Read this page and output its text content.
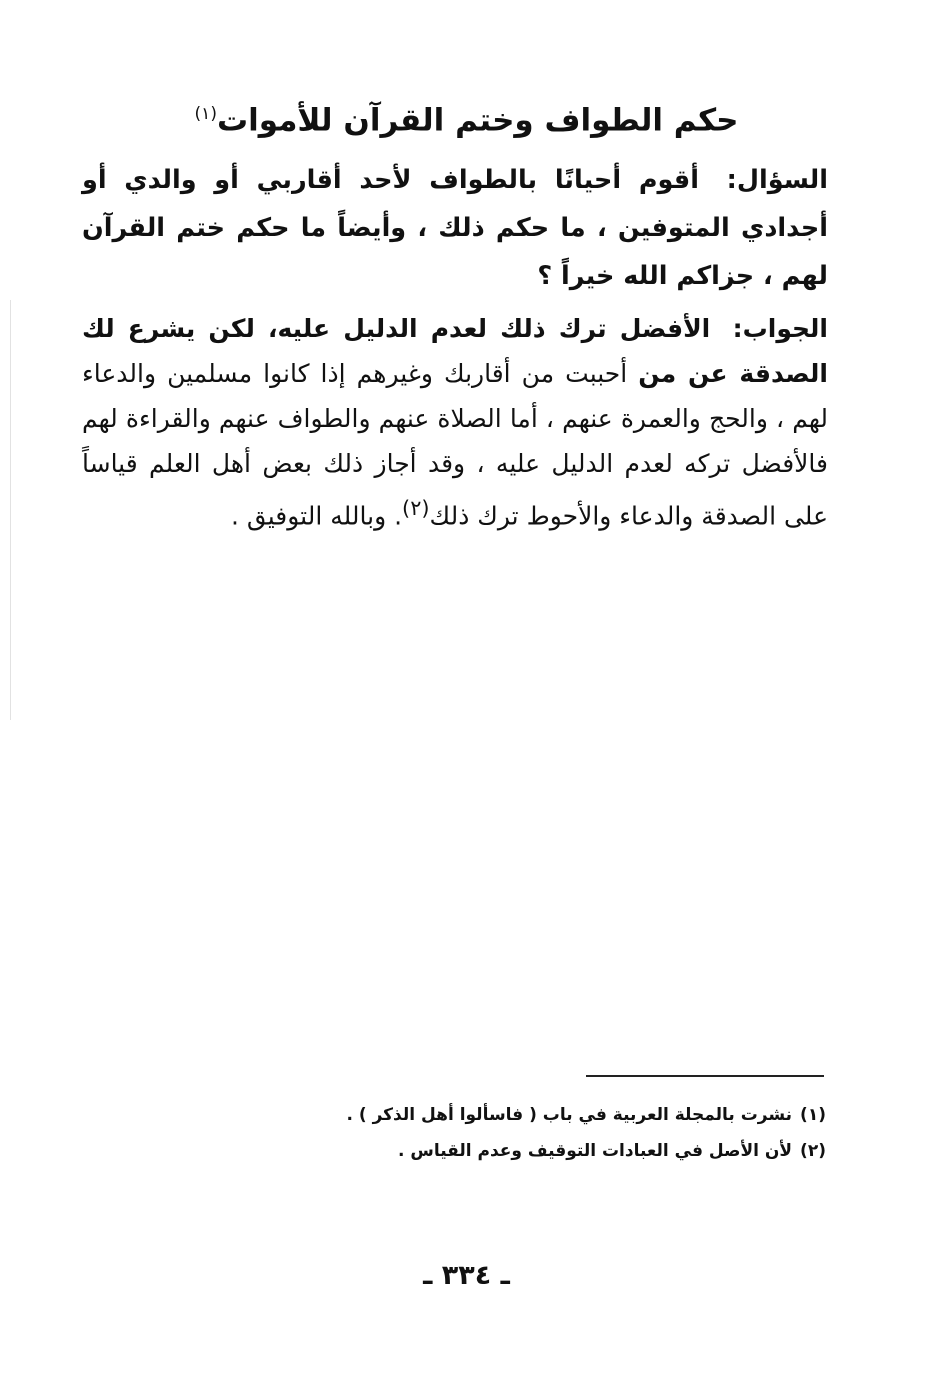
حكم الطواف وختم القرآن للأموات$^{(١)}$
السؤال: أقوم أحيانًا بالطواف لأحد أقاربي أو والدي أو أجدادي المتوفين ، ما حكم ذلك ، وأيضاً ما حكم ختم القرآن لهم ، جزاكم الله خيراً ؟
الجواب: الأفضل ترك ذلك لعدم الدليل عليه، لكن يشرع لك الصدقة عن من أحببت من أقاربك وغيرهم إذا كانوا مسلمين والدعاء لهم ، والحج والعمرة عنهم ، أما الصلاة عنهم والطواف عنهم والقراءة لهم فالأفضل تركه لعدم الدليل عليه ، وقد أجاز ذلك بعض أهل العلم قياساً على الصدقة والدعاء والأحوط ترك ذلك$^{(٢)}$. وبالله التوفيق .
(١)نشرت بالمجلة العربية في باب ( فاسألوا أهل الذكر ) .
(٢)لأن الأصل في العبادات التوقيف وعدم القياس .
ـ ٣٣٤ ـ
